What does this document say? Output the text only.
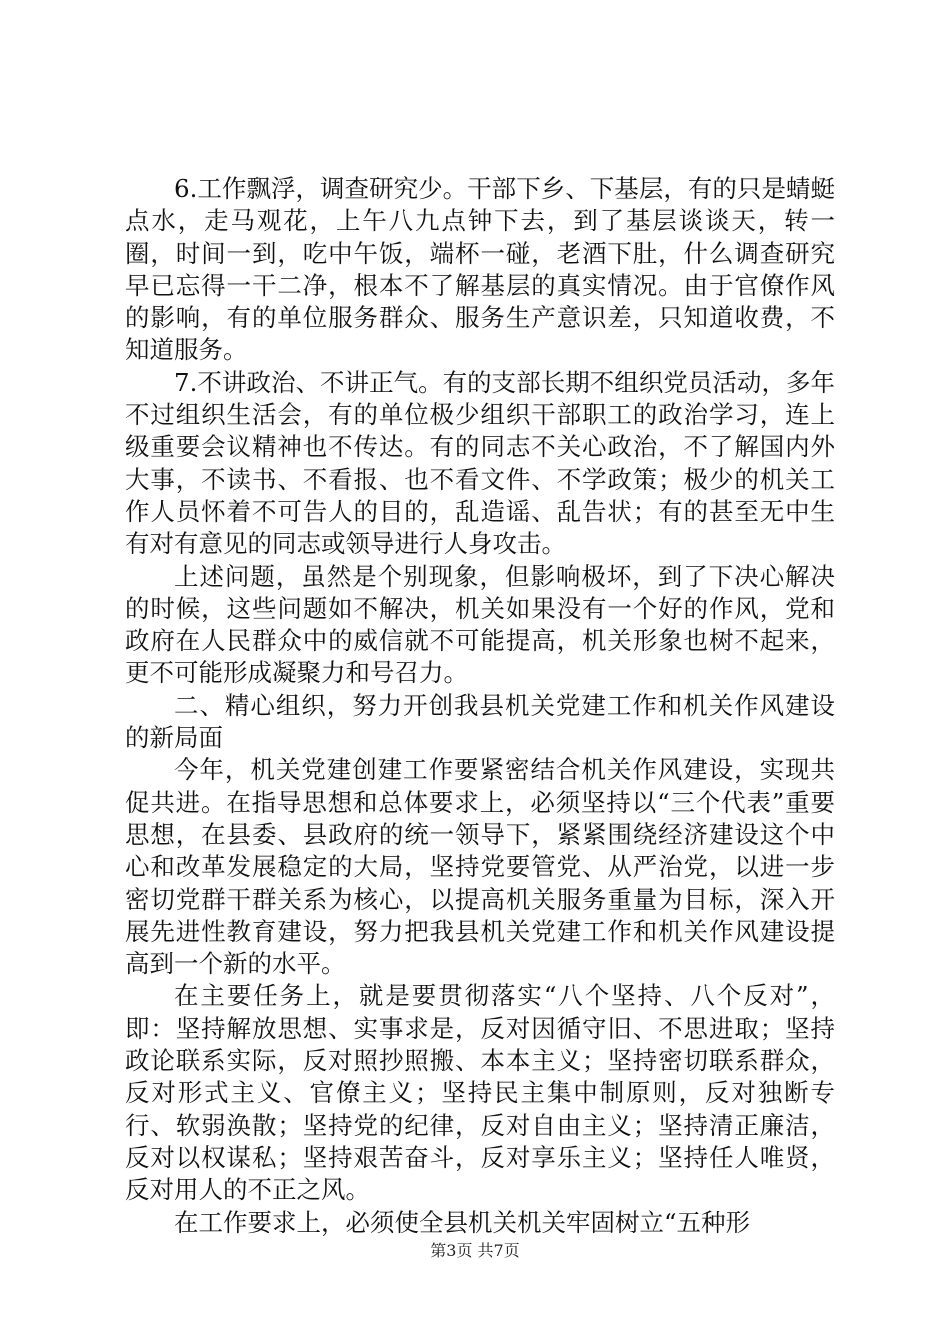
6.工作飘浮，调查研究少。干部下乡、下基层，有的只是蜻蜓点水，走马观花，上午八九点钟下去，到了基层谈谈天，转一圈，时间一到，吃中午饭，端杯一碰，老酒下肚，什么调查研究早已忘得一干二净，根本不了解基层的真实情况。由于官僚作风的影响，有的单位服务群众、服务生产意识差，只知道收费，不知道服务。

7.不讲政治、不讲正气。有的支部长期不组织党员活动，多年不过组织生活会，有的单位极少组织干部职工的政治学习，连上级重要会议精神也不传达。有的同志不关心政治，不了解国内外大事，不读书、不看报、也不看文件、不学政策；极少的机关工作人员怀着不可告人的目的，乱造谣、乱告状；有的甚至无中生有对有意见的同志或领导进行人身攻击。

上述问题，虽然是个别现象，但影响极坏，到了下决心解决的时候，这些问题如不解决，机关如果没有一个好的作风，党和政府在人民群众中的威信就不可能提高，机关形象也树不起来，更不可能形成凝聚力和号召力。

二、精心组织，努力开创我县机关党建工作和机关作风建设的新局面

今年，机关党建创建工作要紧密结合机关作风建设，实现共促共进。在指导思想和总体要求上，必须坚持以“三个代表”重要思想，在县委、县政府的统一领导下，紧紧围绕经济建设这个中心和改革发展稳定的大局，坚持党要管党、从严治党，以进一步密切党群干群关系为核心，以提高机关服务重量为目标，深入开展先进性教育建设，努力把我县机关党建工作和机关作风建设提高到一个新的水平。

在主要任务上，就是要贯彻落实“八个坚持、八个反对”，即：坚持解放思想、实事求是，反对因循守旧、不思进取；坚持政论联系实际，反对照抄照搬、本本主义；坚持密切联系群众，反对形式主义、官僚主义；坚持民主集中制原则，反对独断专行、软弱涣散；坚持党的纪律，反对自由主义；坚持清正廉洁，反对以权谋私；坚持艰苦奋斗，反对享乐主义；坚持任人唯贤，反对用人的不正之风。

在工作要求上，必须使全县机关机关牢固树立“五种形

第3页 共7页
